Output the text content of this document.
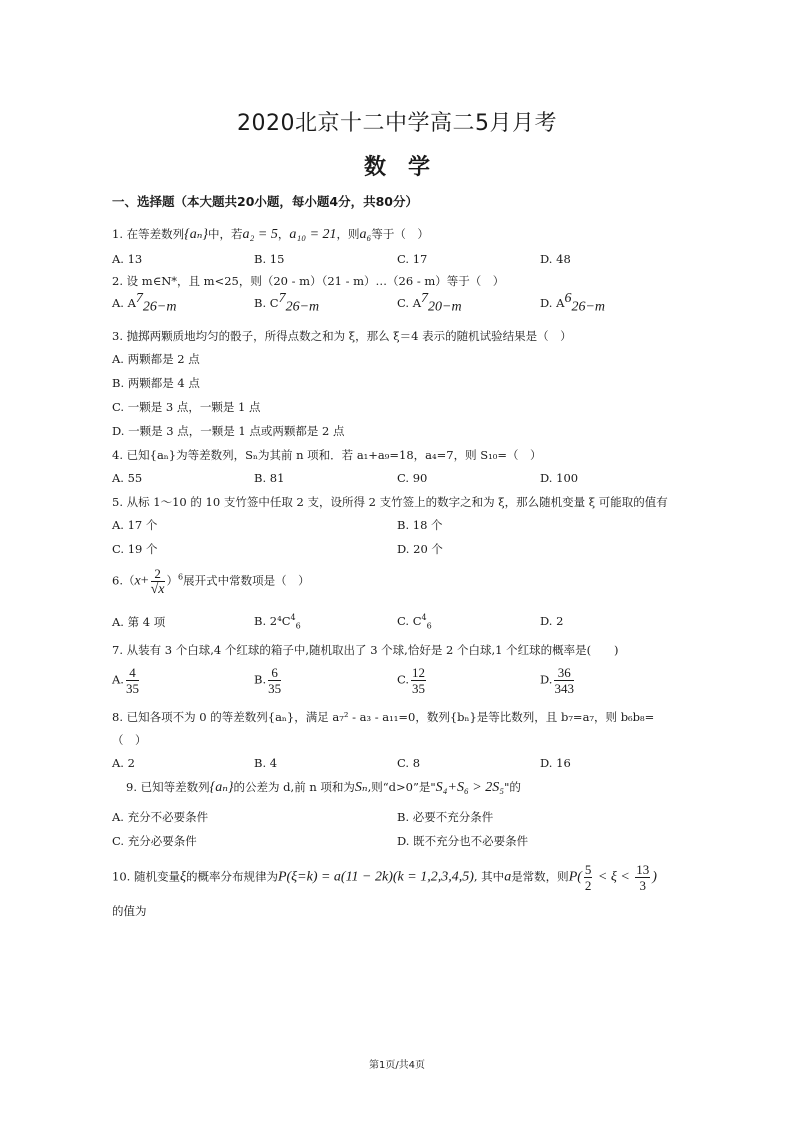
2020北京十二中学高二5月月考
数　学
一、选择题（本大题共20小题，每小题4分，共80分）
1. 在等差数列{aₙ}中，若a₂ = 5，a₁₀ = 21，则a₆等于（　）
A. 13	B. 15	C. 17	D. 48
2. 设 m∈N*，且 m<25，则（20 - m）（21 - m）…（26 - m）等于（　）
A. $A^7_{26-m}$	B. $C^7_{26-m}$	C. $A^7_{20-m}$	D. $A^6_{26-m}$
3. 抛掷两颗质地均匀的骰子，所得点数之和为 ξ，那么 ξ＝4 表示的随机试验结果是（　）
A. 两颗都是 2 点
B. 两颗都是 4 点
C. 一颗是 3 点，一颗是 1 点
D. 一颗是 3 点，一颗是 1 点或两颗都是 2 点
4. 已知{aₙ}为等差数列，Sₙ为其前 n 项和．若 a₁+a₉=18，a₄=7，则 S₁₀=（　）
A. 55	B. 81	C. 90	D. 100
5. 从标 1～10 的 10 支竹签中任取 2 支，设所得 2 支竹签上的数字之和为 ξ，那么随机变量 ξ 可能取的值有
A. 17 个	B. 18 个
C. 19 个	D. 20 个
$6.(x+ \frac{2}{√x} )^6$展开式中常数项是（　）
A. 第 4 项	B. $2^4C^4_6$	C. $C^4_6$	D. 2
7. 从装有 3 个白球,4 个红球的箱子中,随机取出了 3 个球,恰好是 2 个白球,1 个红球的概率是(　　)
A. $\frac{4}{35}$	B. $\frac{6}{35}$	C. $\frac{12}{35}$	D. $\frac{36}{343}$
8. 已知各项不为 0 的等差数列{aₙ}，满足 a₇² - a₃ - a₁₁=0，数列{bₙ}是等比数列，且 b₇=a₇，则 b₆b₈=
（　）
A. 2	B. 4	C. 8	D. 16
9. 已知等差数列{aₙ}的公差为 d,前 n 项和为Sₙ,则“d>0”是"S₄+S₆ > 2S₅"的
A. 充分不必要条件	B. 必要不充分条件
C. 充分必要条件	D. 既不充分也不必要条件
10. 随机变量ξ的概率分布规律为P(ξ=k) = a(11 − 2k)(k = 1,2,3,4,5), 其中a是常数，则$P( \frac{5}{2} < \xi < \frac{13}{3}$ )
的值为
第1页/共4页
